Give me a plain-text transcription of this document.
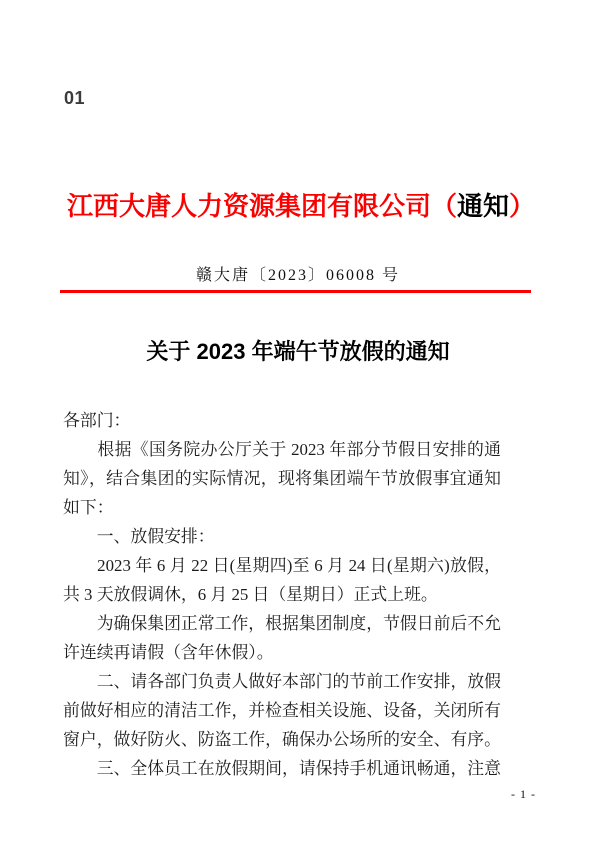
01
江西大唐人力资源集团有限公司（通知）
赣大唐〔2023〕06008 号
关于 2023 年端午节放假的通知
各部门：
　　根据《国务院办公厅关于 2023 年部分节假日安排的通
知》，结合集团的实际情况，现将集团端午节放假事宜通知
如下：
　　一、放假安排：
　　2023 年 6 月 22 日(星期四)至 6 月 24 日(星期六)放假，
共 3 天放假调休，6 月 25 日（星期日）正式上班。
　　为确保集团正常工作，根据集团制度，节假日前后不允
许连续再请假（含年休假）。
　　二、请各部门负责人做好本部门的节前工作安排，放假
前做好相应的清洁工作，并检查相关设施、设备，关闭所有
窗户，做好防火、防盗工作，确保办公场所的安全、有序。
　　三、全体员工在放假期间，请保持手机通讯畅通，注意
- 1 -
